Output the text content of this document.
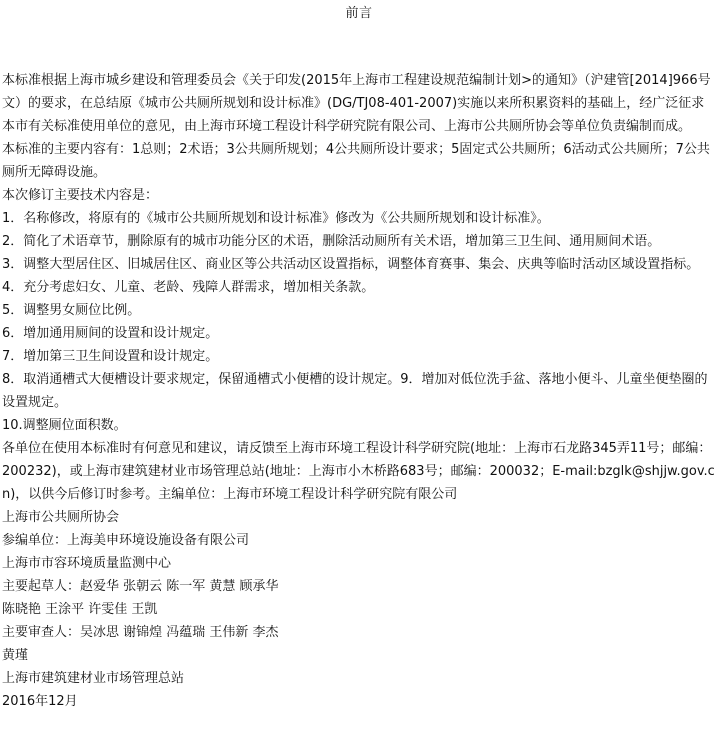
前言

本标准根据上海市城乡建设和管理委员会《关于印发(2015年上海市工程建设规范编制计划>的通知》（沪建管[2014]966号文）的要求，在总结原《城市公共厕所规划和设计标准》(DG/TJ08-401-2007)实施以来所积累资料的基础上，经广泛征求本市有关标准使用单位的意见，由上海市环境工程设计科学研究院有限公司、上海市公共厕所协会等单位负责编制而成。

本标准的主要内容有：1总则；2术语；3公共厕所规划；4公共厕所设计要求；5固定式公共厕所；6活动式公共厕所；7公共厕所无障碍设施。

本次修订主要技术内容是：

1．名称修改，将原有的《城市公共厕所规划和设计标准》修改为《公共厕所规划和设计标准》。

2．简化了术语章节，删除原有的城市功能分区的术语，删除活动厕所有关术语，增加第三卫生间、通用厕间术语。

3．调整大型居住区、旧城居住区、商业区等公共活动区设置指标，调整体育赛事、集会、庆典等临时活动区域设置指标。

4．充分考虑妇女、儿童、老龄、残障人群需求，增加相关条款。

5．调整男女厕位比例。

6．增加通用厕间的设置和设计规定。

7．增加第三卫生间设置和设计规定。

8．取消通槽式大便槽设计要求规定，保留通槽式小便槽的设计规定。9．增加对低位洗手盆、落地小便斗、儿童坐便垫圈的设置规定。

10.调整厕位面积数。

各单位在使用本标准时有何意见和建议，请反馈至上海市环境工程设计科学研究院(地址：上海市石龙路345弄11号；邮编：200232)，或上海市建筑建材业市场管理总站(地址：上海市小木桥路683号；邮编：200032；E-mail:bzglk@shjjw.gov.cn)，以供今后修订时参考。主编单位：上海市环境工程设计科学研究院有限公司

上海市公共厕所协会

参编单位：上海美申环境设施设备有限公司

上海市市容环境质量监测中心

主要起草人：赵爱华 张朝云 陈一军 黄慧 顾承华

陈晓艳 王涂平 许雯佳 王凯

主要审查人：吴冰思 谢锦煌 冯蕴瑞 王伟新 李杰

黄瑾

上海市建筑建材业市场管理总站

2016年12月
